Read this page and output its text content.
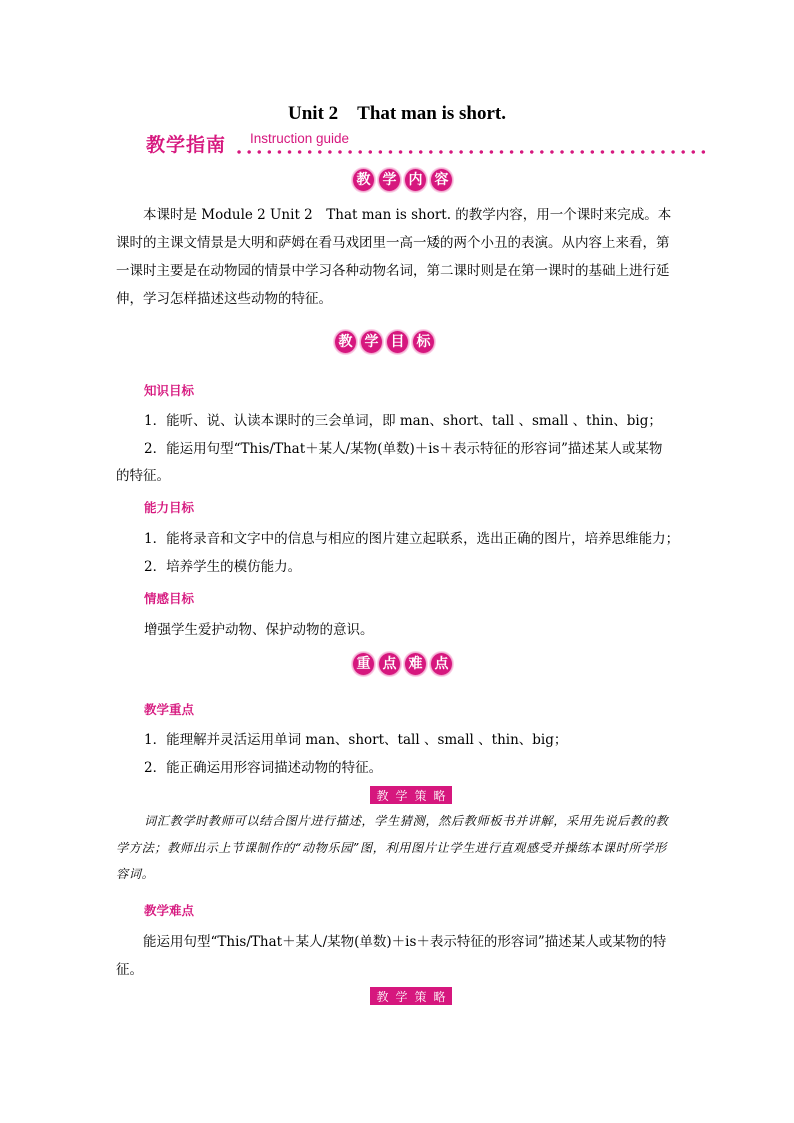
Unit 2　That man is short.
教学指南 Instruction guide
教 学 内 容
本课时是 Module 2 Unit 2　That man is short. 的教学内容，用一个课时来完成。本课时的主课文情景是大明和萨姆在看马戏团里一高一矮的两个小丑的表演。从内容上来看，第一课时主要是在动物园的情景中学习各种动物名词，第二课时则是在第一课时的基础上进行延伸，学习怎样描述这些动物的特征。
教 学 目 标
知识目标
1．能听、说、认读本课时的三会单词，即 man、short、tall 、small 、thin、big；
2．能运用句型“This/That＋某人/某物(单数)＋is＋表示特征的形容词”描述某人或某物
的特征。
能力目标
1．能将录音和文字中的信息与相应的图片建立起联系，选出正确的图片，培养思维能力；
2．培养学生的模仿能力。
情感目标
增强学生爱护动物、保护动物的意识。
重 点 难 点
教学重点
1．能理解并灵活运用单词 man、short、tall 、small 、thin、big；
2．能正确运用形容词描述动物的特征。
教 学 策 略
词汇教学时教师可以结合图片进行描述，学生猜测，然后教师板书并讲解，采用先说后教的教学方法；教师出示上节课制作的“动物乐园”图，利用图片让学生进行直观感受并操练本课时所学形容词。
教学难点
能运用句型“This/That＋某人/某物(单数)＋is＋表示特征的形容词”描述某人或某物的特征。
教 学 策 略
